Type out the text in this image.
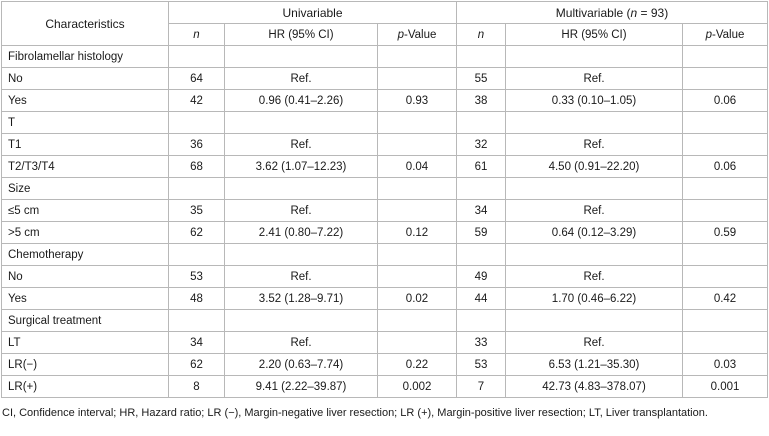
Characteristics	Univariable			Multivariable (n = 93)		
	n	HR (95% CI)	p-Value	n	HR (95% CI)	p-Value
Fibrolamellar histology						
No	64	Ref.		55	Ref.	
Yes	42	0.96 (0.41–2.26)	0.93	38	0.33 (0.10–1.05)	0.06
T						
T1	36	Ref.		32	Ref.	
T2/T3/T4	68	3.62 (1.07–12.23)	0.04	61	4.50 (0.91–22.20)	0.06
Size						
≤5 cm	35	Ref.		34	Ref.	
>5 cm	62	2.41 (0.80–7.22)	0.12	59	0.64 (0.12–3.29)	0.59
Chemotherapy						
No	53	Ref.		49	Ref.	
Yes	48	3.52 (1.28–9.71)	0.02	44	1.70 (0.46–6.22)	0.42
Surgical treatment						
LT	34	Ref.		33	Ref.	
LR(−)	62	2.20 (0.63–7.74)	0.22	53	6.53 (1.21–35.30)	0.03
LR(+)	8	9.41 (2.22–39.87)	0.002	7	42.73 (4.83–378.07)	0.001
CI, Confidence interval; HR, Hazard ratio; LR (−), Margin-negative liver resection; LR (+), Margin-positive liver resection; LT, Liver transplantation.
